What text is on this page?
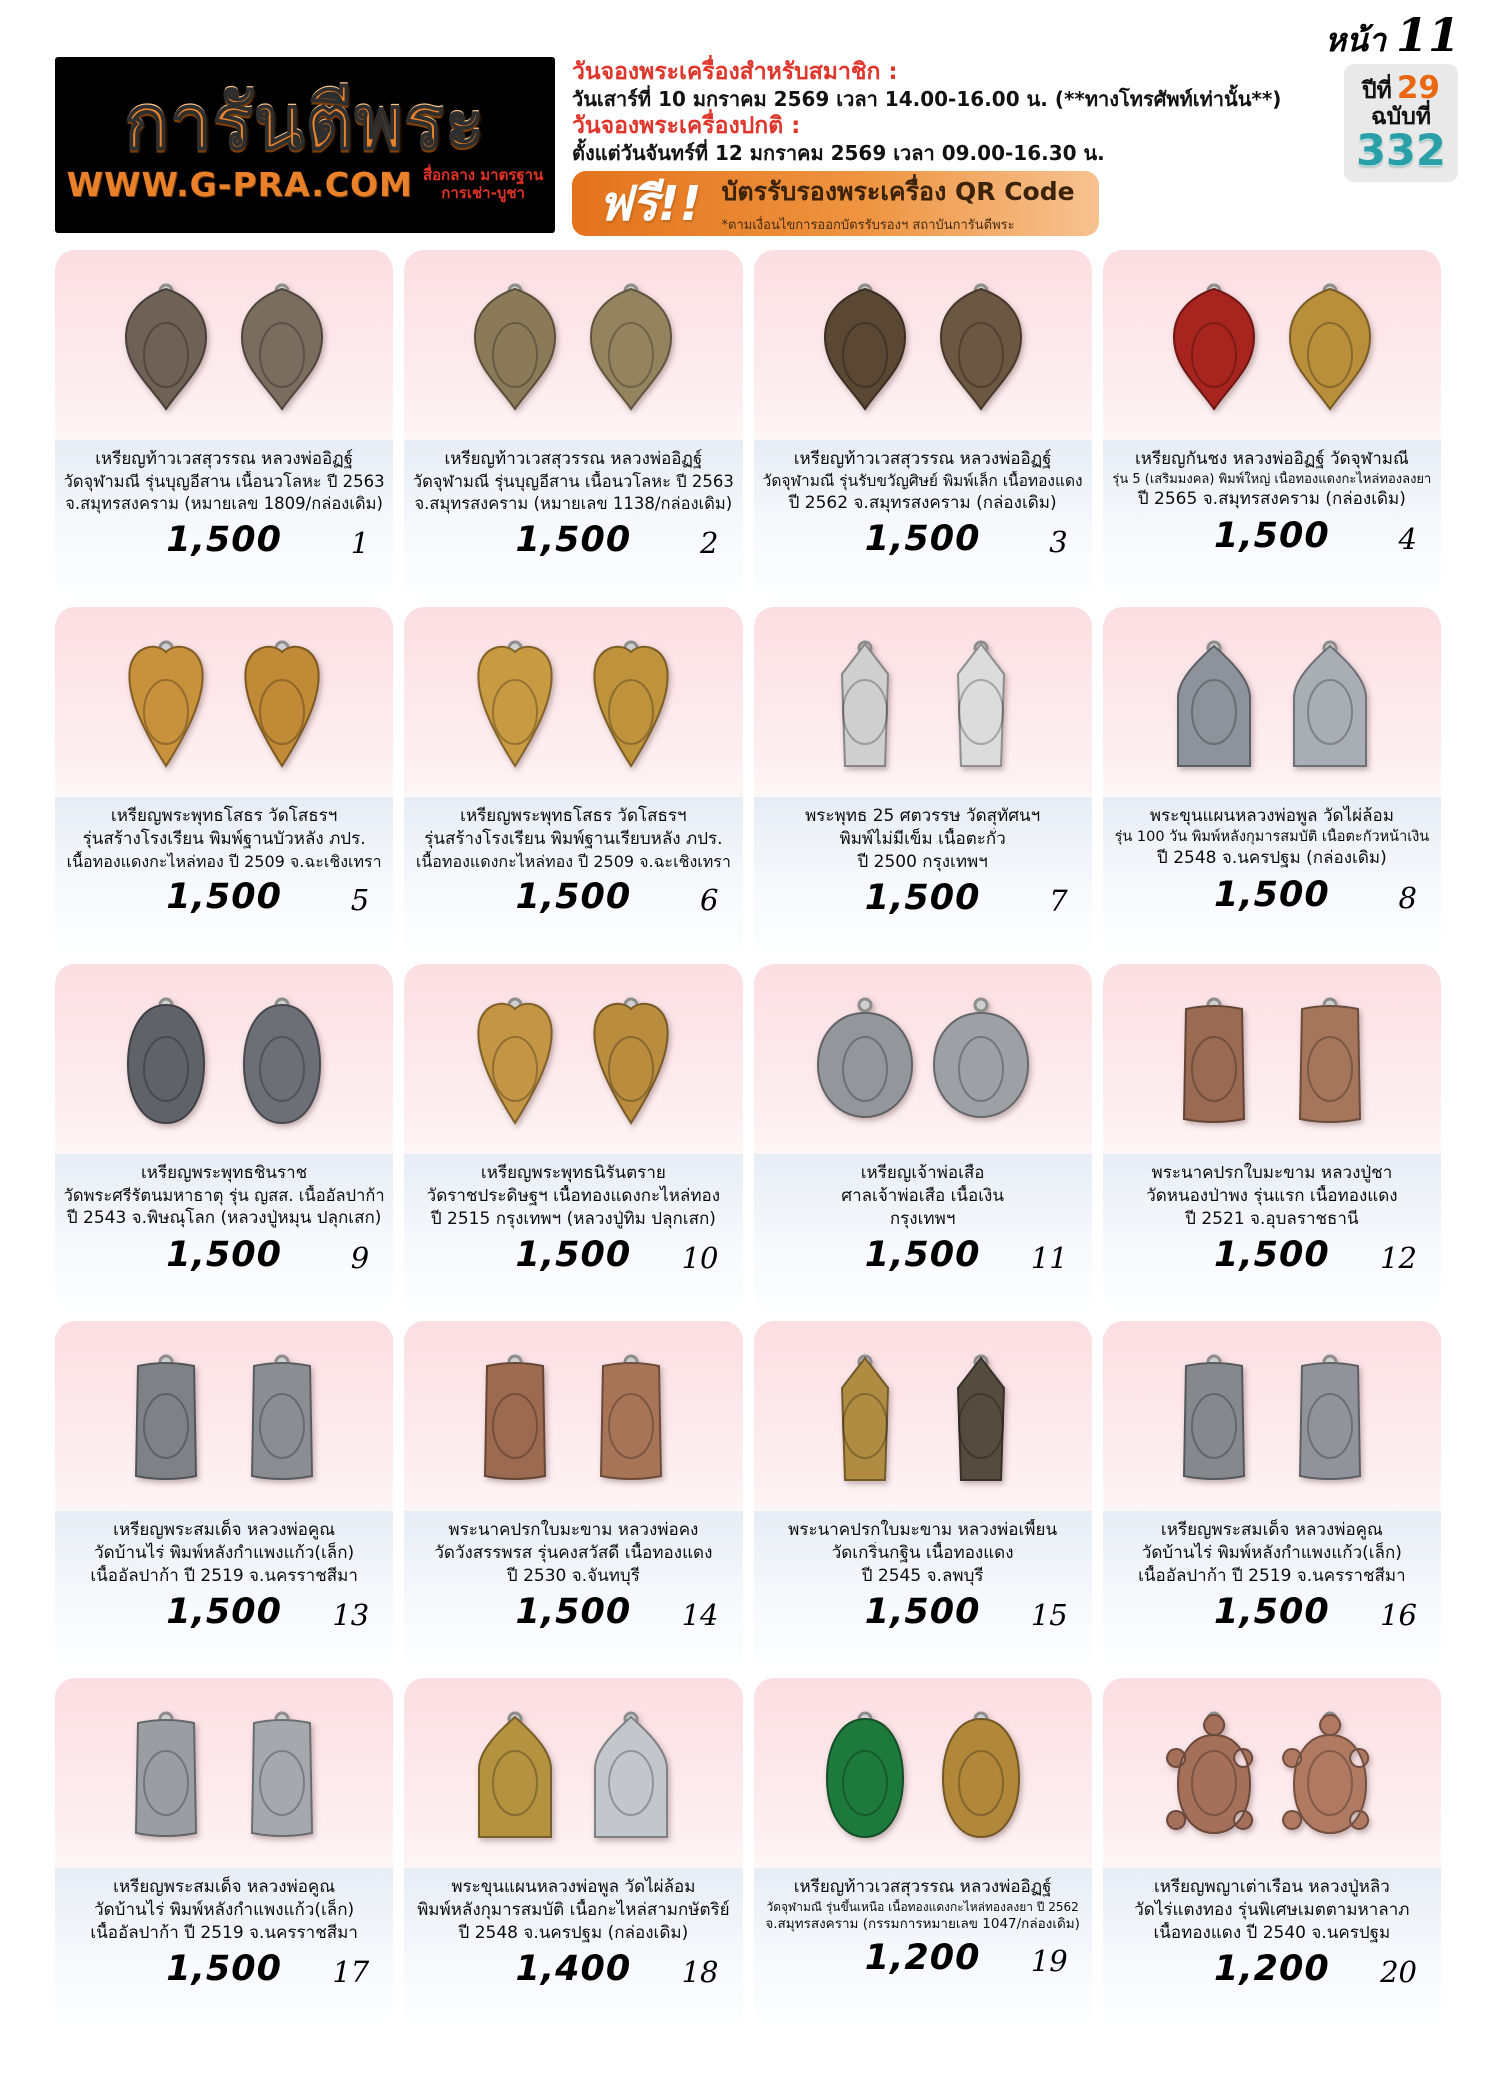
การันตีพระ
WWW.G-PRA.COM สื่อกลาง มาตรฐาน
การเช่า-บูชา
วันจองพระเครื่องสำหรับสมาชิก :
วันเสาร์ที่ 10 มกราคม 2569 เวลา 14.00-16.00 น. (**ทางโทรศัพท์เท่านั้น**)
วันจองพระเครื่องปกติ :
ตั้งแต่วันจันทร์ที่ 12 มกราคม 2569 เวลา 09.00-16.30 น.
ฟรี!! บัตรรับรองพระเครื่อง QR Code
*ตามเงื่อนไขการออกบัตรรับรองฯ สถาบันการันตีพระ
หน้า 11
ปีที่ 29
ฉบับที่
332
เหรียญท้าวเวสสุวรรณ หลวงพ่ออิฏฐ์
วัดจุฬามณี รุ่นบุญอีสาน เนื้อนวโลหะ ปี 2563
จ.สมุทรสงคราม (หมายเลข 1809/กล่องเดิม)
1,500 1
เหรียญท้าวเวสสุวรรณ หลวงพ่ออิฏฐ์
วัดจุฬามณี รุ่นบุญอีสาน เนื้อนวโลหะ ปี 2563
จ.สมุทรสงคราม (หมายเลข 1138/กล่องเดิม)
1,500 2
เหรียญท้าวเวสสุวรรณ หลวงพ่ออิฏฐ์
วัดจุฬามณี รุ่นรับขวัญศิษย์ พิมพ์เล็ก เนื้อทองแดง
ปี 2562 จ.สมุทรสงคราม (กล่องเดิม)
1,500 3
เหรียญกันชง หลวงพ่ออิฏฐ์ วัดจุฬามณี
รุ่น 5 (เสริมมงคล) พิมพ์ใหญ่ เนื้อทองแดงกะไหล่ทองลงยา
ปี 2565 จ.สมุทรสงคราม (กล่องเดิม)
1,500 4
เหรียญพระพุทธโสธร วัดโสธรฯ
รุ่นสร้างโรงเรียน พิมพ์ฐานบัวหลัง ภปร.
เนื้อทองแดงกะไหล่ทอง ปี 2509 จ.ฉะเชิงเทรา
1,500 5
เหรียญพระพุทธโสธร วัดโสธรฯ
รุ่นสร้างโรงเรียน พิมพ์ฐานเรียบหลัง ภปร.
เนื้อทองแดงกะไหล่ทอง ปี 2509 จ.ฉะเชิงเทรา
1,500 6
พระพุทธ 25 ศตวรรษ วัดสุทัศนฯ
พิมพ์ไม่มีเข็ม เนื้อตะกั่ว
ปี 2500 กรุงเทพฯ
1,500 7
พระขุนแผนหลวงพ่อพูล วัดไผ่ล้อม
รุ่น 100 วัน พิมพ์หลังกุมารสมบัติ เนื้อตะกั่วหน้าเงิน
ปี 2548 จ.นครปฐม (กล่องเดิม)
1,500 8
เหรียญพระพุทธชินราช
วัดพระศรีรัตนมหาธาตุ รุ่น ญสส. เนื้ออัลปาก้า
ปี 2543 จ.พิษณุโลก (หลวงปู่หมุน ปลุกเสก)
1,500 9
เหรียญพระพุทธนิรันตราย
วัดราชประดิษฐฯ เนื้อทองแดงกะไหล่ทอง
ปี 2515 กรุงเทพฯ (หลวงปู่ทิม ปลุกเสก)
1,500 10
เหรียญเจ้าพ่อเสือ
ศาลเจ้าพ่อเสือ เนื้อเงิน
กรุงเทพฯ
1,500 11
พระนาคปรกใบมะขาม หลวงปู่ชา
วัดหนองป่าพง รุ่นแรก เนื้อทองแดง
ปี 2521 จ.อุบลราชธานี
1,500 12
เหรียญพระสมเด็จ หลวงพ่อคูณ
วัดบ้านไร่ พิมพ์หลังกำแพงแก้ว(เล็ก)
เนื้ออัลปาก้า ปี 2519 จ.นครราชสีมา
1,500 13
พระนาคปรกใบมะขาม หลวงพ่อคง
วัดวังสรรพรส รุ่นคงสวัสดี เนื้อทองแดง
ปี 2530 จ.จันทบุรี
1,500 14
พระนาคปรกใบมะขาม หลวงพ่อเพี้ยน
วัดเกริ่นกฐิน เนื้อทองแดง
ปี 2545 จ.ลพบุรี
1,500 15
เหรียญพระสมเด็จ หลวงพ่อคูณ
วัดบ้านไร่ พิมพ์หลังกำแพงแก้ว(เล็ก)
เนื้ออัลปาก้า ปี 2519 จ.นครราชสีมา
1,500 16
เหรียญพระสมเด็จ หลวงพ่อคูณ
วัดบ้านไร่ พิมพ์หลังกำแพงแก้ว(เล็ก)
เนื้ออัลปาก้า ปี 2519 จ.นครราชสีมา
1,500 17
พระขุนแผนหลวงพ่อพูล วัดไผ่ล้อม
พิมพ์หลังกุมารสมบัติ เนื้อกะไหล่สามกษัตริย์
ปี 2548 จ.นครปฐม (กล่องเดิม)
1,400 18
เหรียญท้าวเวสสุวรรณ หลวงพ่ออิฏฐ์
วัดจุฬามณี รุ่นขึ้นเหนือ เนื้อทองแดงกะไหล่ทองลงยา ปี 2562
จ.สมุทรสงคราม (กรรมการหมายเลข 1047/กล่องเดิม)
1,200 19
เหรียญพญาเต่าเรือน หลวงปู่หลิว
วัดไร่แตงทอง รุ่นพิเศษเมตตามหาลาภ
เนื้อทองแดง ปี 2540 จ.นครปฐม
1,200 20
